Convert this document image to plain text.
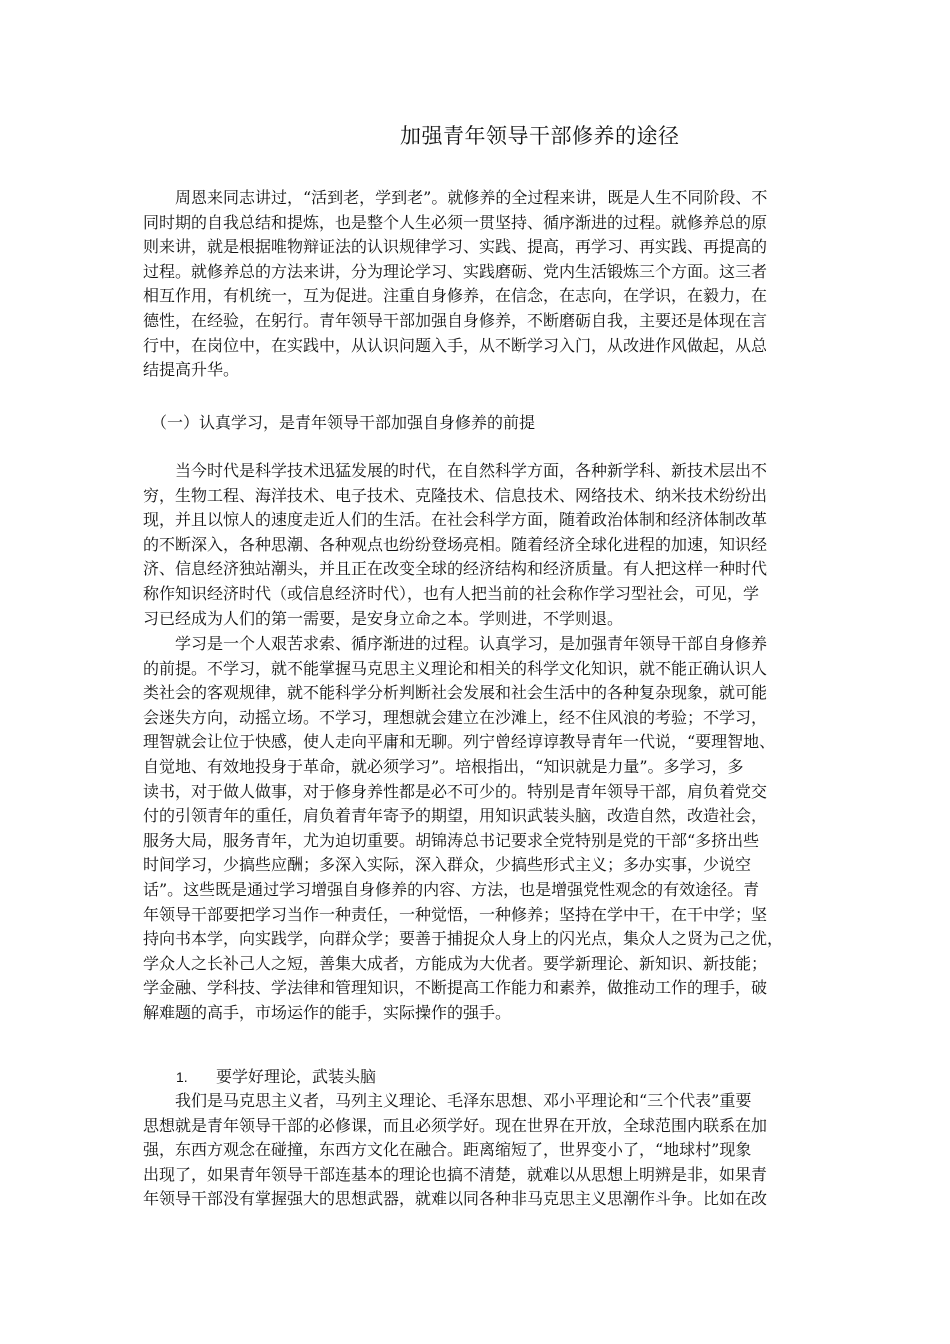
加强青年领导干部修养的途径
　　周恩来同志讲过，“活到老，学到老”。就修养的全过程来讲，既是人生不同阶段、不
同时期的自我总结和提炼，也是整个人生必须一贯坚持、循序渐进的过程。就修养总的原
则来讲，就是根据唯物辩证法的认识规律学习、实践、提高，再学习、再实践、再提高的
过程。就修养总的方法来讲，分为理论学习、实践磨砺、党内生活锻炼三个方面。这三者
相互作用，有机统一，互为促进。注重自身修养，在信念，在志向，在学识，在毅力，在
德性，在经验，在躬行。青年领导干部加强自身修养，不断磨砺自我，主要还是体现在言
行中，在岗位中，在实践中，从认识问题入手，从不断学习入门，从改进作风做起，从总
结提高升华。
（一）认真学习，是青年领导干部加强自身修养的前提
　　当今时代是科学技术迅猛发展的时代，在自然科学方面，各种新学科、新技术层出不
穷，生物工程、海洋技术、电子技术、克隆技术、信息技术、网络技术、纳米技术纷纷出
现，并且以惊人的速度走近人们的生活。在社会科学方面，随着政治体制和经济体制改革
的不断深入，各种思潮、各种观点也纷纷登场亮相。随着经济全球化进程的加速，知识经
济、信息经济独站潮头，并且正在改变全球的经济结构和经济质量。有人把这样一种时代
称作知识经济时代（或信息经济时代），也有人把当前的社会称作学习型社会，可见，学
习已经成为人们的第一需要，是安身立命之本。学则进，不学则退。
　　学习是一个人艰苦求索、循序渐进的过程。认真学习，是加强青年领导干部自身修养
的前提。不学习，就不能掌握马克思主义理论和相关的科学文化知识，就不能正确认识人
类社会的客观规律，就不能科学分析判断社会发展和社会生活中的各种复杂现象，就可能
会迷失方向，动摇立场。不学习，理想就会建立在沙滩上，经不住风浪的考验；不学习，
理智就会让位于快感，使人走向平庸和无聊。列宁曾经谆谆教导青年一代说，“要理智地、
自觉地、有效地投身于革命，就必须学习”。培根指出，“知识就是力量”。多学习，多
读书，对于做人做事，对于修身养性都是必不可少的。特别是青年领导干部，肩负着党交
付的引领青年的重任，肩负着青年寄予的期望，用知识武装头脑，改造自然，改造社会，
服务大局，服务青年，尤为迫切重要。胡锦涛总书记要求全党特别是党的干部“多挤出些
时间学习，少搞些应酬；多深入实际，深入群众，少搞些形式主义；多办实事，少说空
话”。这些既是通过学习增强自身修养的内容、方法，也是增强党性观念的有效途径。青
年领导干部要把学习当作一种责任，一种觉悟，一种修养；坚持在学中干，在干中学；坚
持向书本学，向实践学，向群众学；要善于捕捉众人身上的闪光点，集众人之贤为己之优，
学众人之长补己人之短，善集大成者，方能成为大优者。要学新理论、新知识、新技能；
学金融、学科技、学法律和管理知识，不断提高工作能力和素养，做推动工作的理手，破
解难题的高手，市场运作的能手，实际操作的强手。
1. 要学好理论，武装头脑
　　我们是马克思主义者，马列主义理论、毛泽东思想、邓小平理论和“三个代表”重要
思想就是青年领导干部的必修课，而且必须学好。现在世界在开放，全球范围内联系在加
强，东西方观念在碰撞，东西方文化在融合。距离缩短了，世界变小了，“地球村”现象
出现了，如果青年领导干部连基本的理论也搞不清楚，就难以从思想上明辨是非，如果青
年领导干部没有掌握强大的思想武器，就难以同各种非马克思主义思潮作斗争。比如在改
